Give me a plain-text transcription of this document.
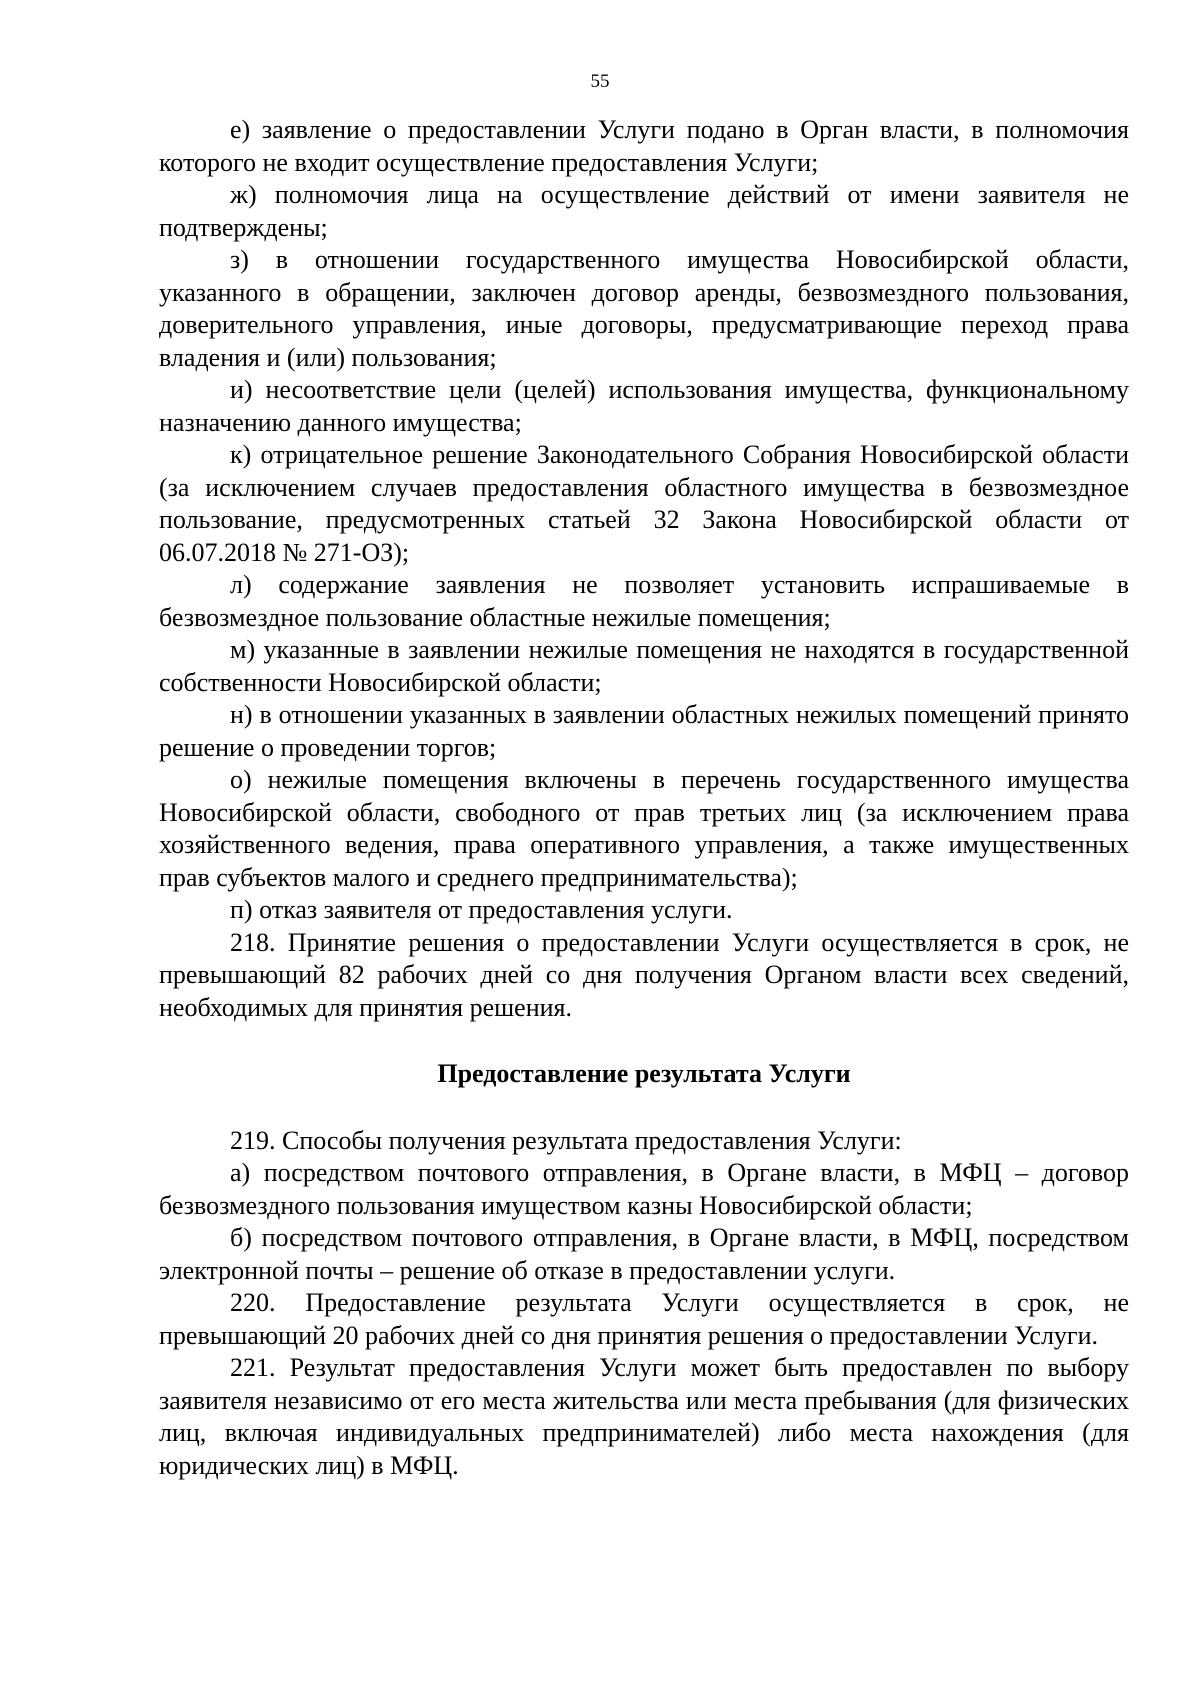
55

е) заявление о предоставлении Услуги подано в Орган власти, в полномочия которого не входит осуществление предоставления Услуги;

ж) полномочия лица на осуществление действий от имени заявителя не подтверждены;

з) в отношении государственного имущества Новосибирской области, указанного в обращении, заключен договор аренды, безвозмездного пользования, доверительного управления, иные договоры, предусматривающие переход права владения и (или) пользования;

и) несоответствие цели (целей) использования имущества, функциональному назначению данного имущества;

к) отрицательное решение Законодательного Собрания Новосибирской области (за исключением случаев предоставления областного имущества в безвозмездное пользование, предусмотренных статьей 32 Закона Новосибирской области от 06.07.2018 № 271-ОЗ);

л) содержание заявления не позволяет установить испрашиваемые в безвозмездное пользование областные нежилые помещения;

м) указанные в заявлении нежилые помещения не находятся в государственной собственности Новосибирской области;

н) в отношении указанных в заявлении областных нежилых помещений принято решение о проведении торгов;

о) нежилые помещения включены в перечень государственного имущества Новосибирской области, свободного от прав третьих лиц (за исключением права хозяйственного ведения, права оперативного управления, а также имущественных прав субъектов малого и среднего предпринимательства);

п) отказ заявителя от предоставления услуги.

218. Принятие решения о предоставлении Услуги осуществляется в срок, не превышающий 82 рабочих дней со дня получения Органом власти всех сведений, необходимых для принятия решения.

Предоставление результата Услуги

219. Способы получения результата предоставления Услуги:

а) посредством почтового отправления, в Органе власти, в МФЦ – договор безвозмездного пользования имуществом казны Новосибирской области;

б) посредством почтового отправления, в Органе власти, в МФЦ, посредством электронной почты – решение об отказе в предоставлении услуги.

220. Предоставление результата Услуги осуществляется в срок, не превышающий 20 рабочих дней со дня принятия решения о предоставлении Услуги.

221. Результат предоставления Услуги может быть предоставлен по выбору заявителя независимо от его места жительства или места пребывания (для физических лиц, включая индивидуальных предпринимателей) либо места нахождения (для юридических лиц) в МФЦ.
